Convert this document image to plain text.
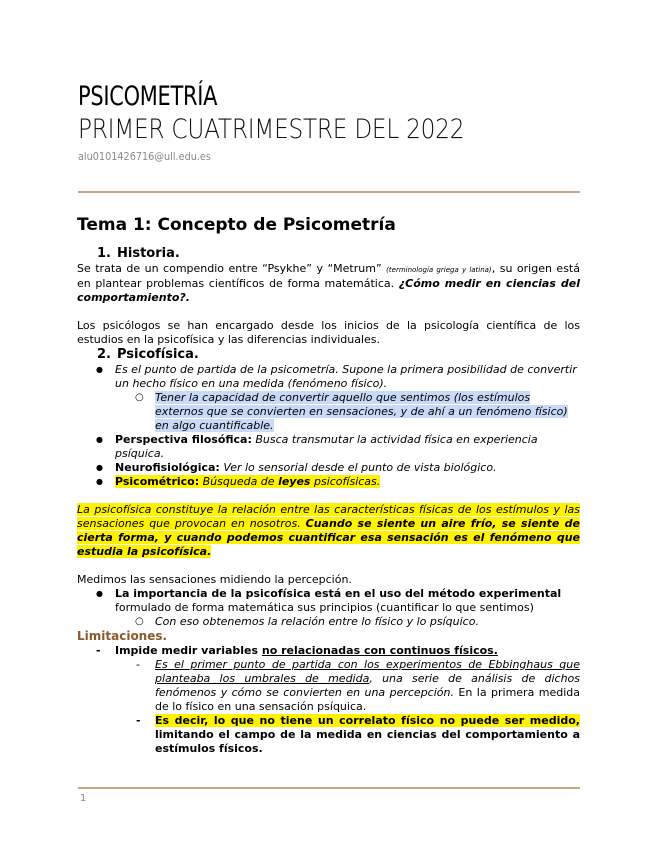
PSICOMETRÍA
PRIMER CUATRIMESTRE DEL 2022
alu0101426716@ull.edu.es
Tema 1: Concepto de Psicometría
1. Historia.

Se trata de un compendio entre “Psykhe” y “Metrum” (terminología griega y latina), su origen está en plantear problemas científicos de forma matemática. ¿Cómo medir en ciencias del comportamiento?.

Los psicólogos se han encargado desde los inicios de la psicología científica de los estudios en la psicofísica y las diferencias individuales.

2. Psicofísica.
● Es el punto de partida de la psicometría. Supone la primera posibilidad de convertir un hecho físico en una medida (fenómeno físico).
○ Tener la capacidad de convertir aquello que sentimos (los estímulos externos que se convierten en sensaciones, y de ahí a un fenómeno físico) en algo cuantificable.
● Perspectiva filosófica: Busca transmutar la actividad física en experiencia psíquica.
● Neurofisiológica: Ver lo sensorial desde el punto de vista biológico.
● Psicométrico: Búsqueda de leyes psicofísicas.

La psicofísica constituye la relación entre las características físicas de los estímulos y las sensaciones que provocan en nosotros. Cuando se siente un aire frío, se siente de cierta forma, y cuando podemos cuantificar esa sensación es el fenómeno que estudia la psicofísica.

Medimos las sensaciones midiendo la percepción.

● La importancia de la psicofísica está en el uso del método experimental
formulado de forma matemática sus principios (cuantificar lo que sentimos)
○ Con eso obtenemos la relación entre lo físico y lo psíquico.
Limitaciones.
- Impide medir variables no relacionadas con continuos físicos.
- Es el primer punto de partida con los experimentos de Ebbinghaus que planteaba los umbrales de medida, una serie de análisis de dichos fenómenos y cómo se convierten en una percepción. En la primera medida de lo físico en una sensación psíquica.
- Es decir, lo que no tiene un correlato físico no puede ser medido, limitando el campo de la medida en ciencias del comportamiento a estímulos físicos.
1
